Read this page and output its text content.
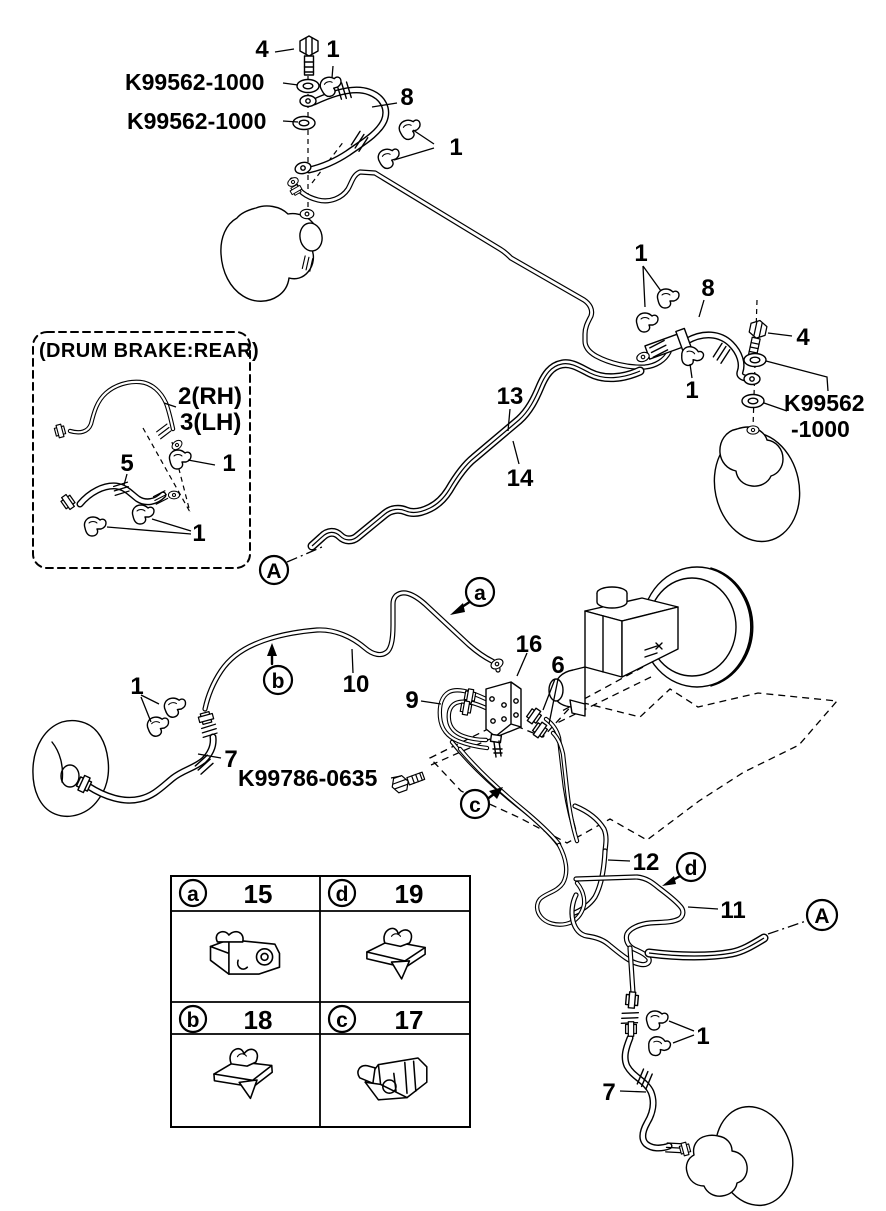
(DRUM BRAKE:REAR)
2(RH)
3(LH)
1
5
1
A
A
a
b
c
d
4 1
K99562-1000
K99562-1000
8
1
1
8
4
1	K99562
-1000
13
14
16
6
10
9
1
7
K99786-0635
12
11
1
7
a 15	d 19
b 18	c 17
